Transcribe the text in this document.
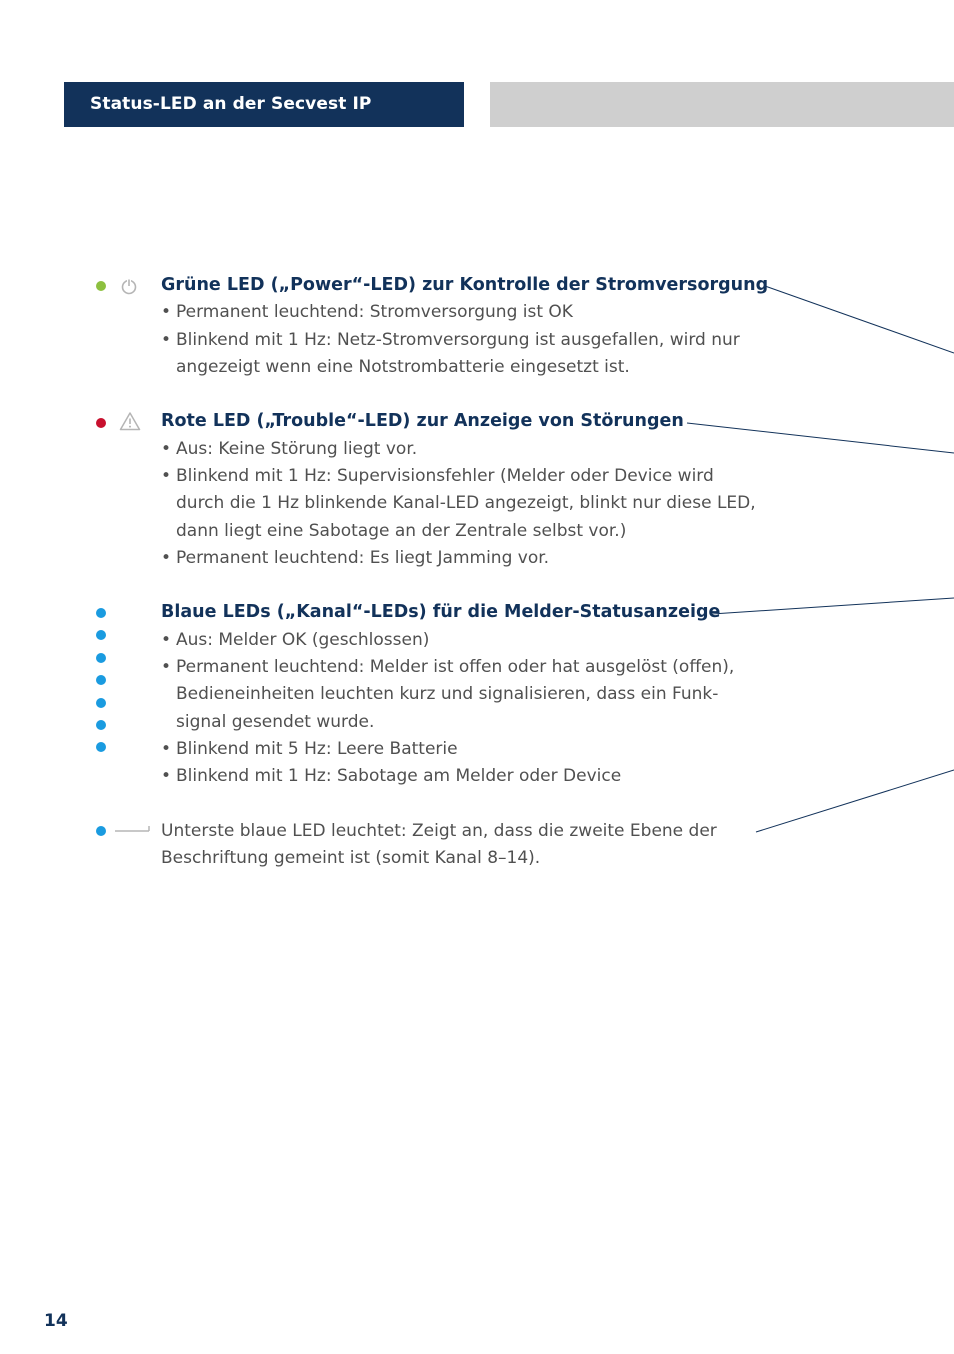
Status-LED an der Secvest IP
Grüne LED („Power“-LED) zur Kontrolle der Stromversorgung
• Permanent leuchtend: Stromversorgung ist OK
• Blinkend mit 1 Hz: Netz-Stromversorgung ist ausgefallen, wird nur
angezeigt wenn eine Notstrombatterie eingesetzt ist.
Rote LED („Trouble“-LED) zur Anzeige von Störungen
• Aus: Keine Störung liegt vor.
• Blinkend mit 1 Hz: Supervisionsfehler (Melder oder Device wird
durch die 1 Hz blinkende Kanal-LED angezeigt, blinkt nur diese LED,
dann liegt eine Sabotage an der Zentrale selbst vor.)
• Permanent leuchtend: Es liegt Jamming vor.
Blaue LEDs („Kanal“-LEDs) für die Melder-Statusanzeige
• Aus: Melder OK (geschlossen)
• Permanent leuchtend: Melder ist offen oder hat ausgelöst (offen),
Bedieneinheiten leuchten kurz und signalisieren, dass ein Funk-
signal gesendet wurde.
• Blinkend mit 5 Hz: Leere Batterie
• Blinkend mit 1 Hz: Sabotage am Melder oder Device
Unterste blaue LED leuchtet: Zeigt an, dass die zweite Ebene der
Beschriftung gemeint ist (somit Kanal 8–14).
14
